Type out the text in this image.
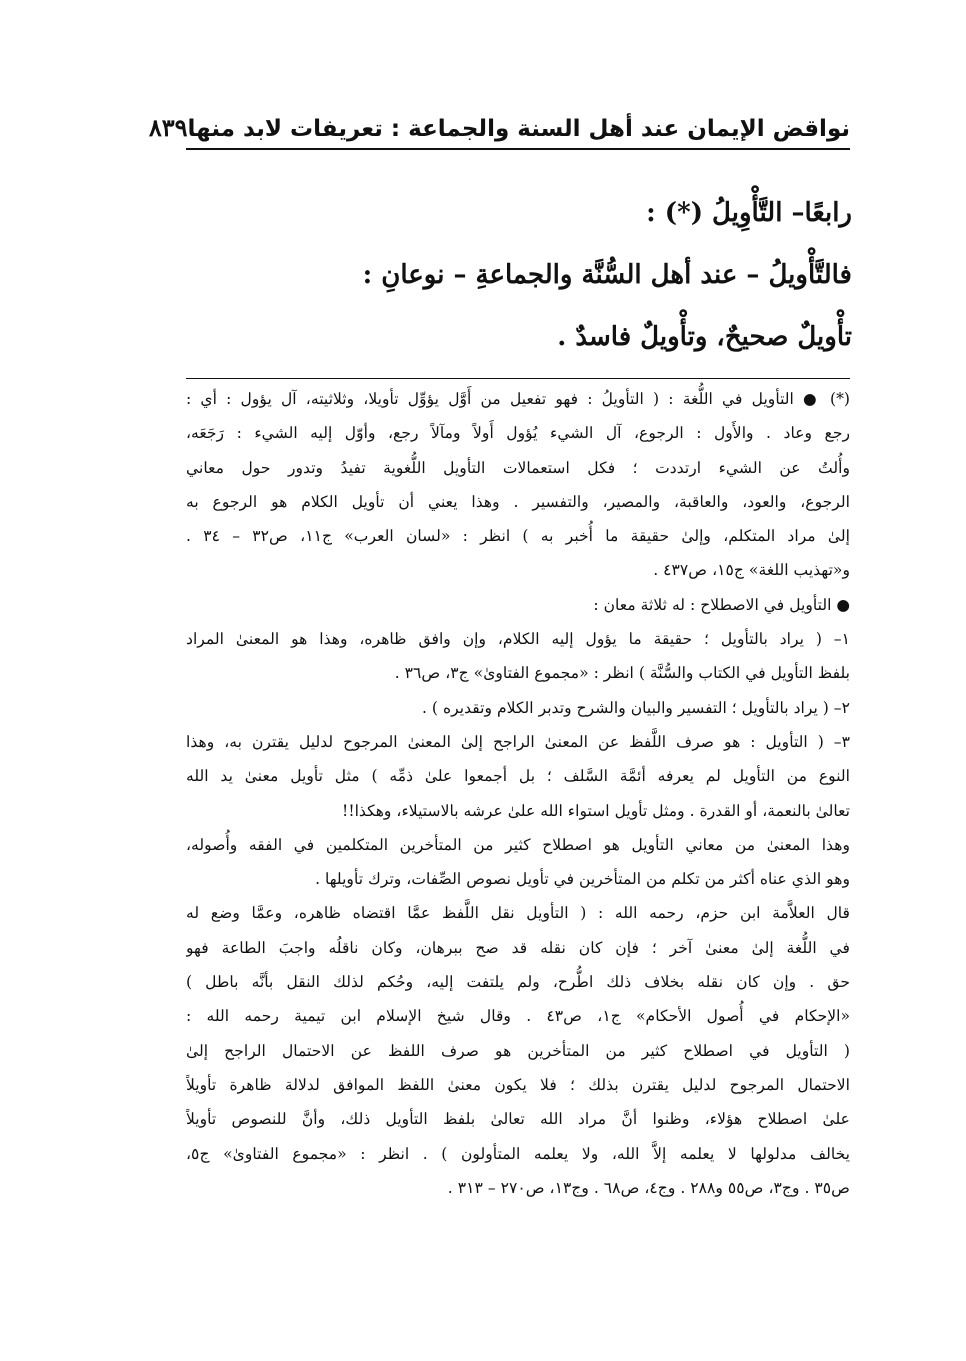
نواقض الإيمان عند أهل السنة والجماعة : تعريفات لابد منها
٨٣٩
رابعًا– التَّأْوِيلُ (*) :
فالتَّأْويلُ – عند أهل السُّنَّة والجماعةِ – نوعانِ :
تأْويلٌ صحيحٌ، وتأْويلٌ فاسدٌ .
(*) ● التأويل في اللُّغة : ( التأويلُ : فهو تفعيل من أَوَّل يؤوِّل تأويلا، وثلاثيته، آل يؤول : أي :
رجع وعاد . والأَول : الرجوع، آل الشيء يُؤول أَولاً ومآلاً رجع، وأوّل إليه الشيء : رَجَعَه،
وأُلتُ عن الشيء ارتددت ؛ فكل استعمالات التأويل اللُّغوية تفيدُ وتدور حول معاني
الرجوع، والعود، والعاقبة، والمصير، والتفسير . وهذا يعني أن تأويل الكلام هو الرجوع به
إلىٰ مراد المتكلم، وإلىٰ حقيقة ما أُخبر به ) انظر : «لسان العرب» ج١١، ص٣٢ – ٣٤ .
و«تهذيب اللغة» ج١٥، ص٤٣٧ .
● التأويل في الاصطلاح : له ثلاثة معان :
١– ( يراد بالتأويل ؛ حقيقة ما يؤول إليه الكلام، وإن وافق ظاهره، وهذا هو المعنىٰ المراد
بلفظ التأويل في الكتاب والسُّنَّة ) انظر : «مجموع الفتاوىٰ» ج٣، ص٣٦ .
٢– ( يراد بالتأويل ؛ التفسير والبيان والشرح وتدبر الكلام وتقديره ) .
٣– ( التأويل : هو صرف اللَّفظ عن المعنىٰ الراجح إلىٰ المعنىٰ المرجوح لدليل يقترن به، وهذا
النوع من التأويل لم يعرفه أئمَّة السَّلف ؛ بل أجمعوا علىٰ ذمِّه ) مثل تأويل معنىٰ يد الله
تعالىٰ بالنعمة، أو القدرة . ومثل تأويل استواء الله علىٰ عرشه بالاستيلاء، وهكذا!!
وهذا المعنىٰ من معاني التأويل هو اصطلاح كثير من المتأخرين المتكلمين في الفقه وأُصوله،
وهو الذي عناه أكثر من تكلم من المتأخرين في تأويل نصوص الصِّفات، وترك تأويلها .
قال العلاَّمة ابن حزم، رحمه الله : ( التأويل نقل اللَّفظ عمَّا اقتضاه ظاهره، وعمَّا وضع له
في اللُّغة إلىٰ معنىٰ آخر ؛ فإن كان نقله قد صح ببرهان، وكان ناقلُه واجبَ الطاعة فهو
حق . وإن كان نقله بخلاف ذلك اطُّرح، ولم يلتفت إليه، وحُكم لذلك النقل بأنَّه باطل )
«الإحكام في أُصول الأحكام» ج١، ص٤٣ . وقال شيخ الإسلام ابن تيمية رحمه الله :
( التأويل في اصطلاح كثير من المتأخرين هو صرف اللفظ عن الاحتمال الراجح إلىٰ
الاحتمال المرجوح لدليل يقترن بذلك ؛ فلا يكون معنىٰ اللفظ الموافق لدلالة ظاهرة تأويلاً
علىٰ اصطلاح هؤلاء، وظنوا أنَّ مراد الله تعالىٰ بلفظ التأويل ذلك، وأنَّ للنصوص تأويلاً
يخالف مدلولها لا يعلمه إلاَّ الله، ولا يعلمه المتأولون ) . انظر : «مجموع الفتاوىٰ» ج٥،
ص٣٥ . وج٣، ص٥٥ و٢٨٨ . وج٤، ص٦٨ . وج١٣، ص٢٧٠ – ٣١٣ .
